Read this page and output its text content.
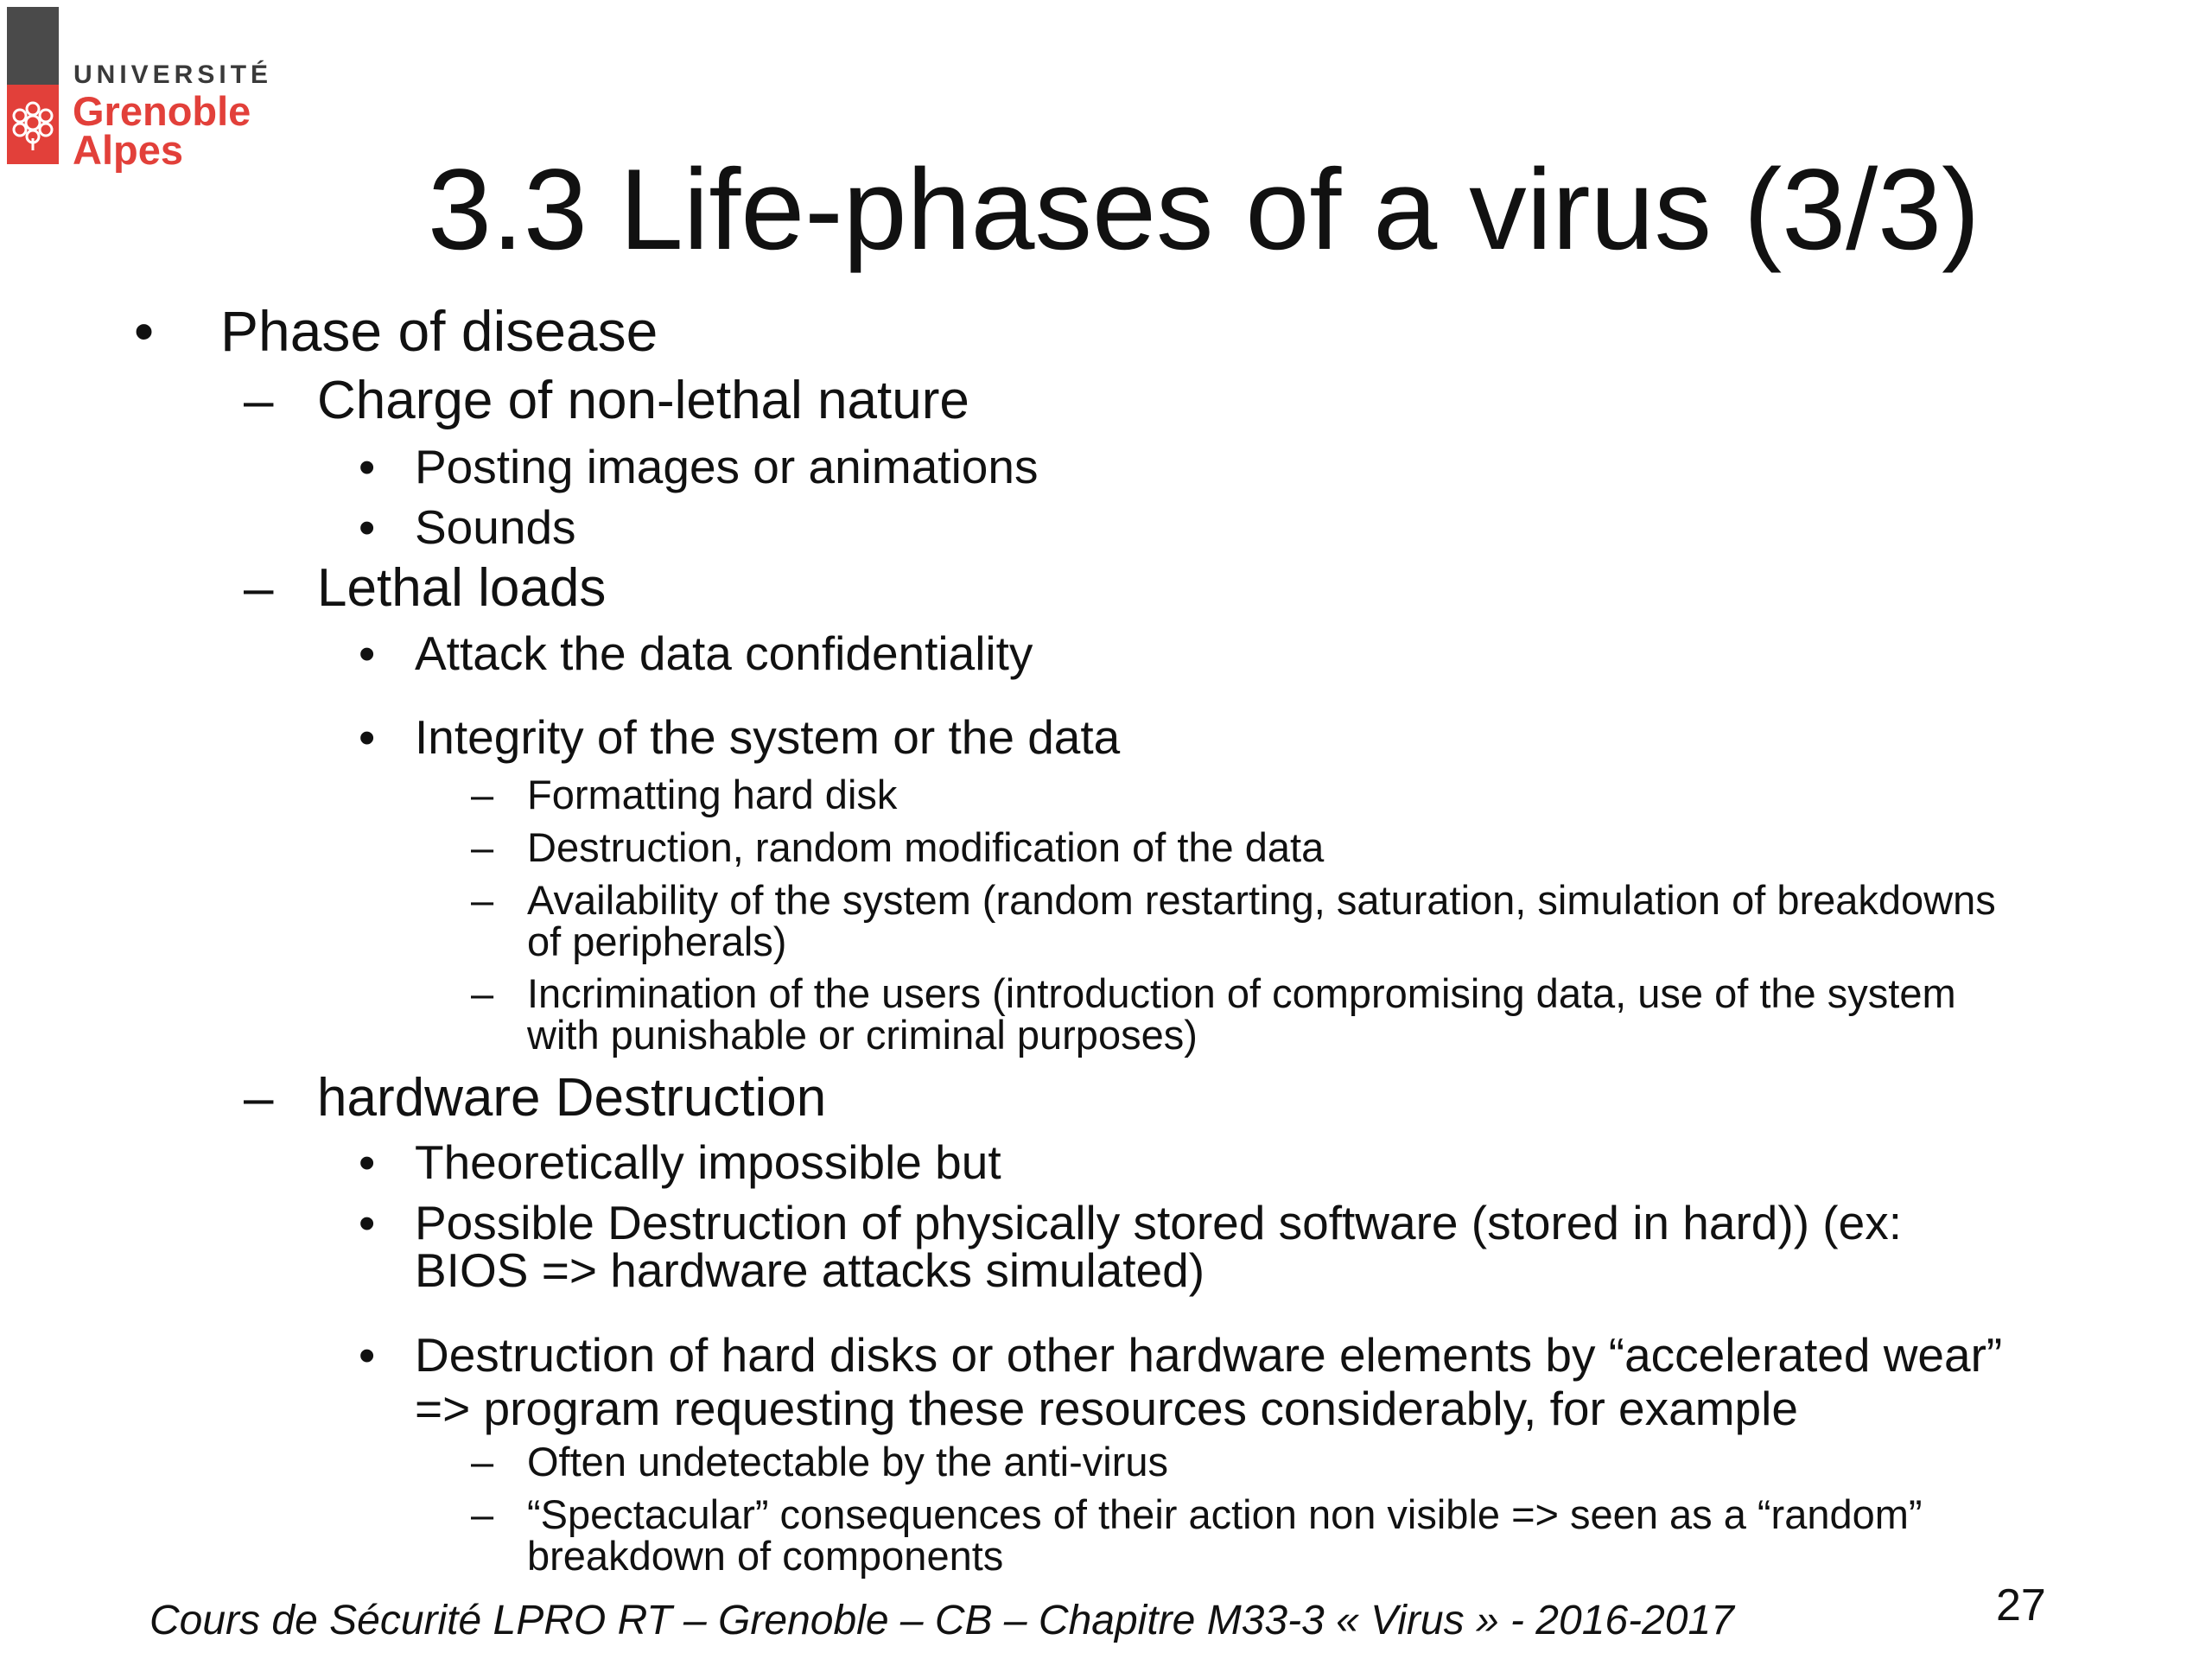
UNIVERSITÉ
Grenoble
Alpes 3.3 Life-phases of a virus (3/3)
• Phase of disease
– Charge of non-lethal nature
• Posting images or animations
• Sounds
– Lethal loads
• Attack the data confidentiality
• Integrity of the system or the data
– Formatting hard disk
– Destruction, random modification of the data
– Availability of the system (random restarting, saturation, simulation of breakdowns
of peripherals)
– Incrimination of the users (introduction of compromising data, use of the system
with punishable or criminal purposes)
– hardware Destruction
• Theoretically impossible but
• Possible Destruction of physically stored software (stored in hard)) (ex:
BIOS => hardware attacks simulated)
• Destruction of hard disks or other hardware elements by “accelerated wear”
=> program requesting these resources considerably, for example
– Often undetectable by the anti-virus
– “Spectacular” consequences of their action non visible => seen as a “random”
breakdown of components
Cours de Sécurité LPRO RT – Grenoble – CB – Chapitre M33-3 « Virus » - 2016-2017	27
